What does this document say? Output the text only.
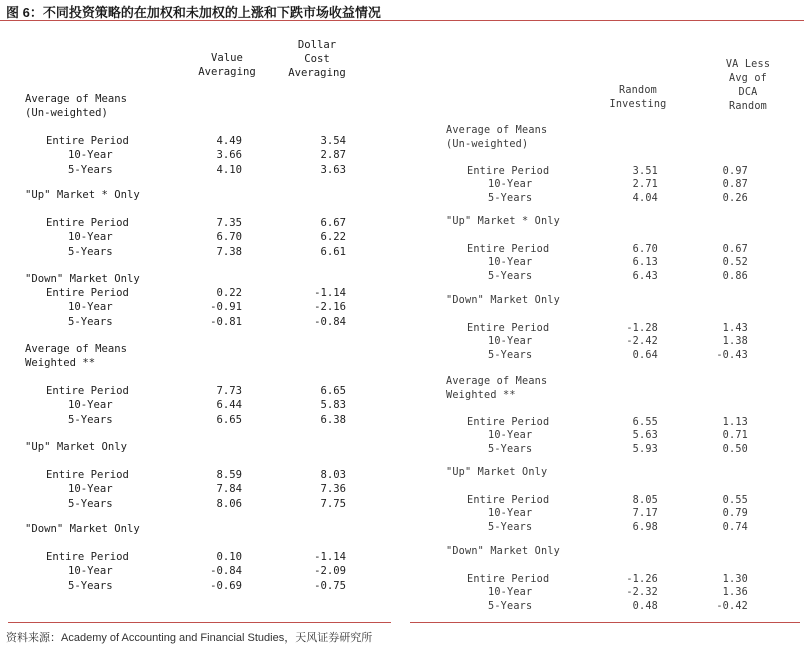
图 6：不同投资策略的在加权和未加权的上涨和下跌市场收益情况
Value
Averaging
Dollar
Cost
Averaging
Average of Means
(Un-weighted)
Entire Period	4.49	3.54
10-Year	3.66	2.87
5-Years	4.10	3.63
"Up" Market * Only
Entire Period	7.35	6.67
10-Year	6.70	6.22
5-Years	7.38	6.61
"Down" Market Only
Entire Period	0.22	-1.14
10-Year	-0.91	-2.16
5-Years	-0.81	-0.84
Average of Means
Weighted **
Entire Period	7.73	6.65
10-Year	6.44	5.83
5-Years	6.65	6.38
"Up" Market Only
Entire Period	8.59	8.03
10-Year	7.84	7.36
5-Years	8.06	7.75
"Down" Market Only
Entire Period	0.10	-1.14
10-Year	-0.84	-2.09
5-Years	-0.69	-0.75
Random
Investing
VA Less
Avg of
DCA
Random
Average of Means
(Un-weighted)
Entire Period	3.51	0.97
10-Year	2.71	0.87
5-Years	4.04	0.26
"Up" Market * Only
Entire Period	6.70	0.67
10-Year	6.13	0.52
5-Years	6.43	0.86
"Down" Market Only
Entire Period	-1.28	1.43
10-Year	-2.42	1.38
5-Years	0.64	-0.43
Average of Means
Weighted **
Entire Period	6.55	1.13
10-Year	5.63	0.71
5-Years	5.93	0.50
"Up" Market Only
Entire Period	8.05	0.55
10-Year	7.17	0.79
5-Years	6.98	0.74
"Down" Market Only
Entire Period	-1.26	1.30
10-Year	-2.32	1.36
5-Years	0.48	-0.42
资料来源：Academy of Accounting and Financial Studies，天风证券研究所
